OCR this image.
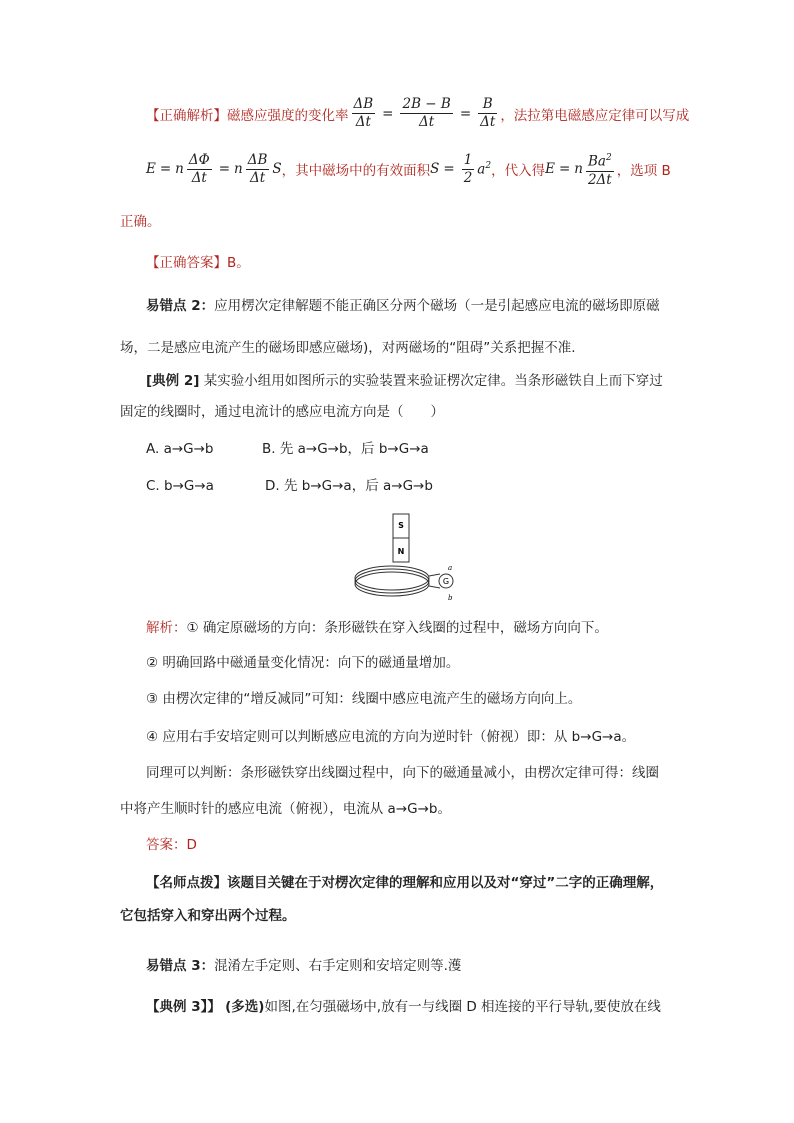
【正确解析】 磁感应强度的变化率 $\frac{\Delta B}{\Delta t} = \frac{2B - B}{\Delta t} = \frac{B}{\Delta t}$ ，法拉第电磁感应定律可以写成
E = n $\frac{\Delta\Phi}{\Delta t} = n \frac{\Delta B}{\Delta t}$ S ，其中磁场中的有效面积 $S = \frac{1}{2} a^2$ ，代入得 E = n $\frac{Ba^2}{2\Delta t}$ ，选项 B
正确。
【正确答案】B。
易错点 2：应用楞次定律解题不能正确区分两个磁场（一是引起感应电流的磁场即原磁
场，二是感应电流产生的磁场即感应磁场)，对两磁场的“阻碍”关系把握不准.
[典例 2] 某实验小组用如图所示的实验装置来验证楞次定律。当条形磁铁自上而下穿过
固定的线圈时，通过电流计的感应电流方向是（　　）
A. a→G→b	B. 先 a→G→b，后 b→G→a
C. b→G→a	D. 先 b→G→a，后 a→G→b
S
N
G
a
b
解析：① 确定原磁场的方向：条形磁铁在穿入线圈的过程中，磁场方向向下。
② 明确回路中磁通量变化情况：向下的磁通量增加。
③ 由楞次定律的“增反减同”可知：线圈中感应电流产生的磁场方向向上。
④ 应用右手安培定则可以判断感应电流的方向为逆时针（俯视）即：从 b→G→a。
同理可以判断：条形磁铁穿出线圈过程中，向下的磁通量减小，由楞次定律可得：线圈
中将产生顺时针的感应电流（俯视），电流从 a→G→b。
答案：D
【名师点拨】该题目关键在于对楞次定律的理解和应用以及对“穿过”二字的正确理解，
它包括穿入和穿出两个过程。
易错点 3：混淆左手定则、右手定则和安培定则等.濩
【典例 3】】 (多选)如图,在匀强磁场中,放有一与线圈 D 相连接的平行导轨,要使放在线
